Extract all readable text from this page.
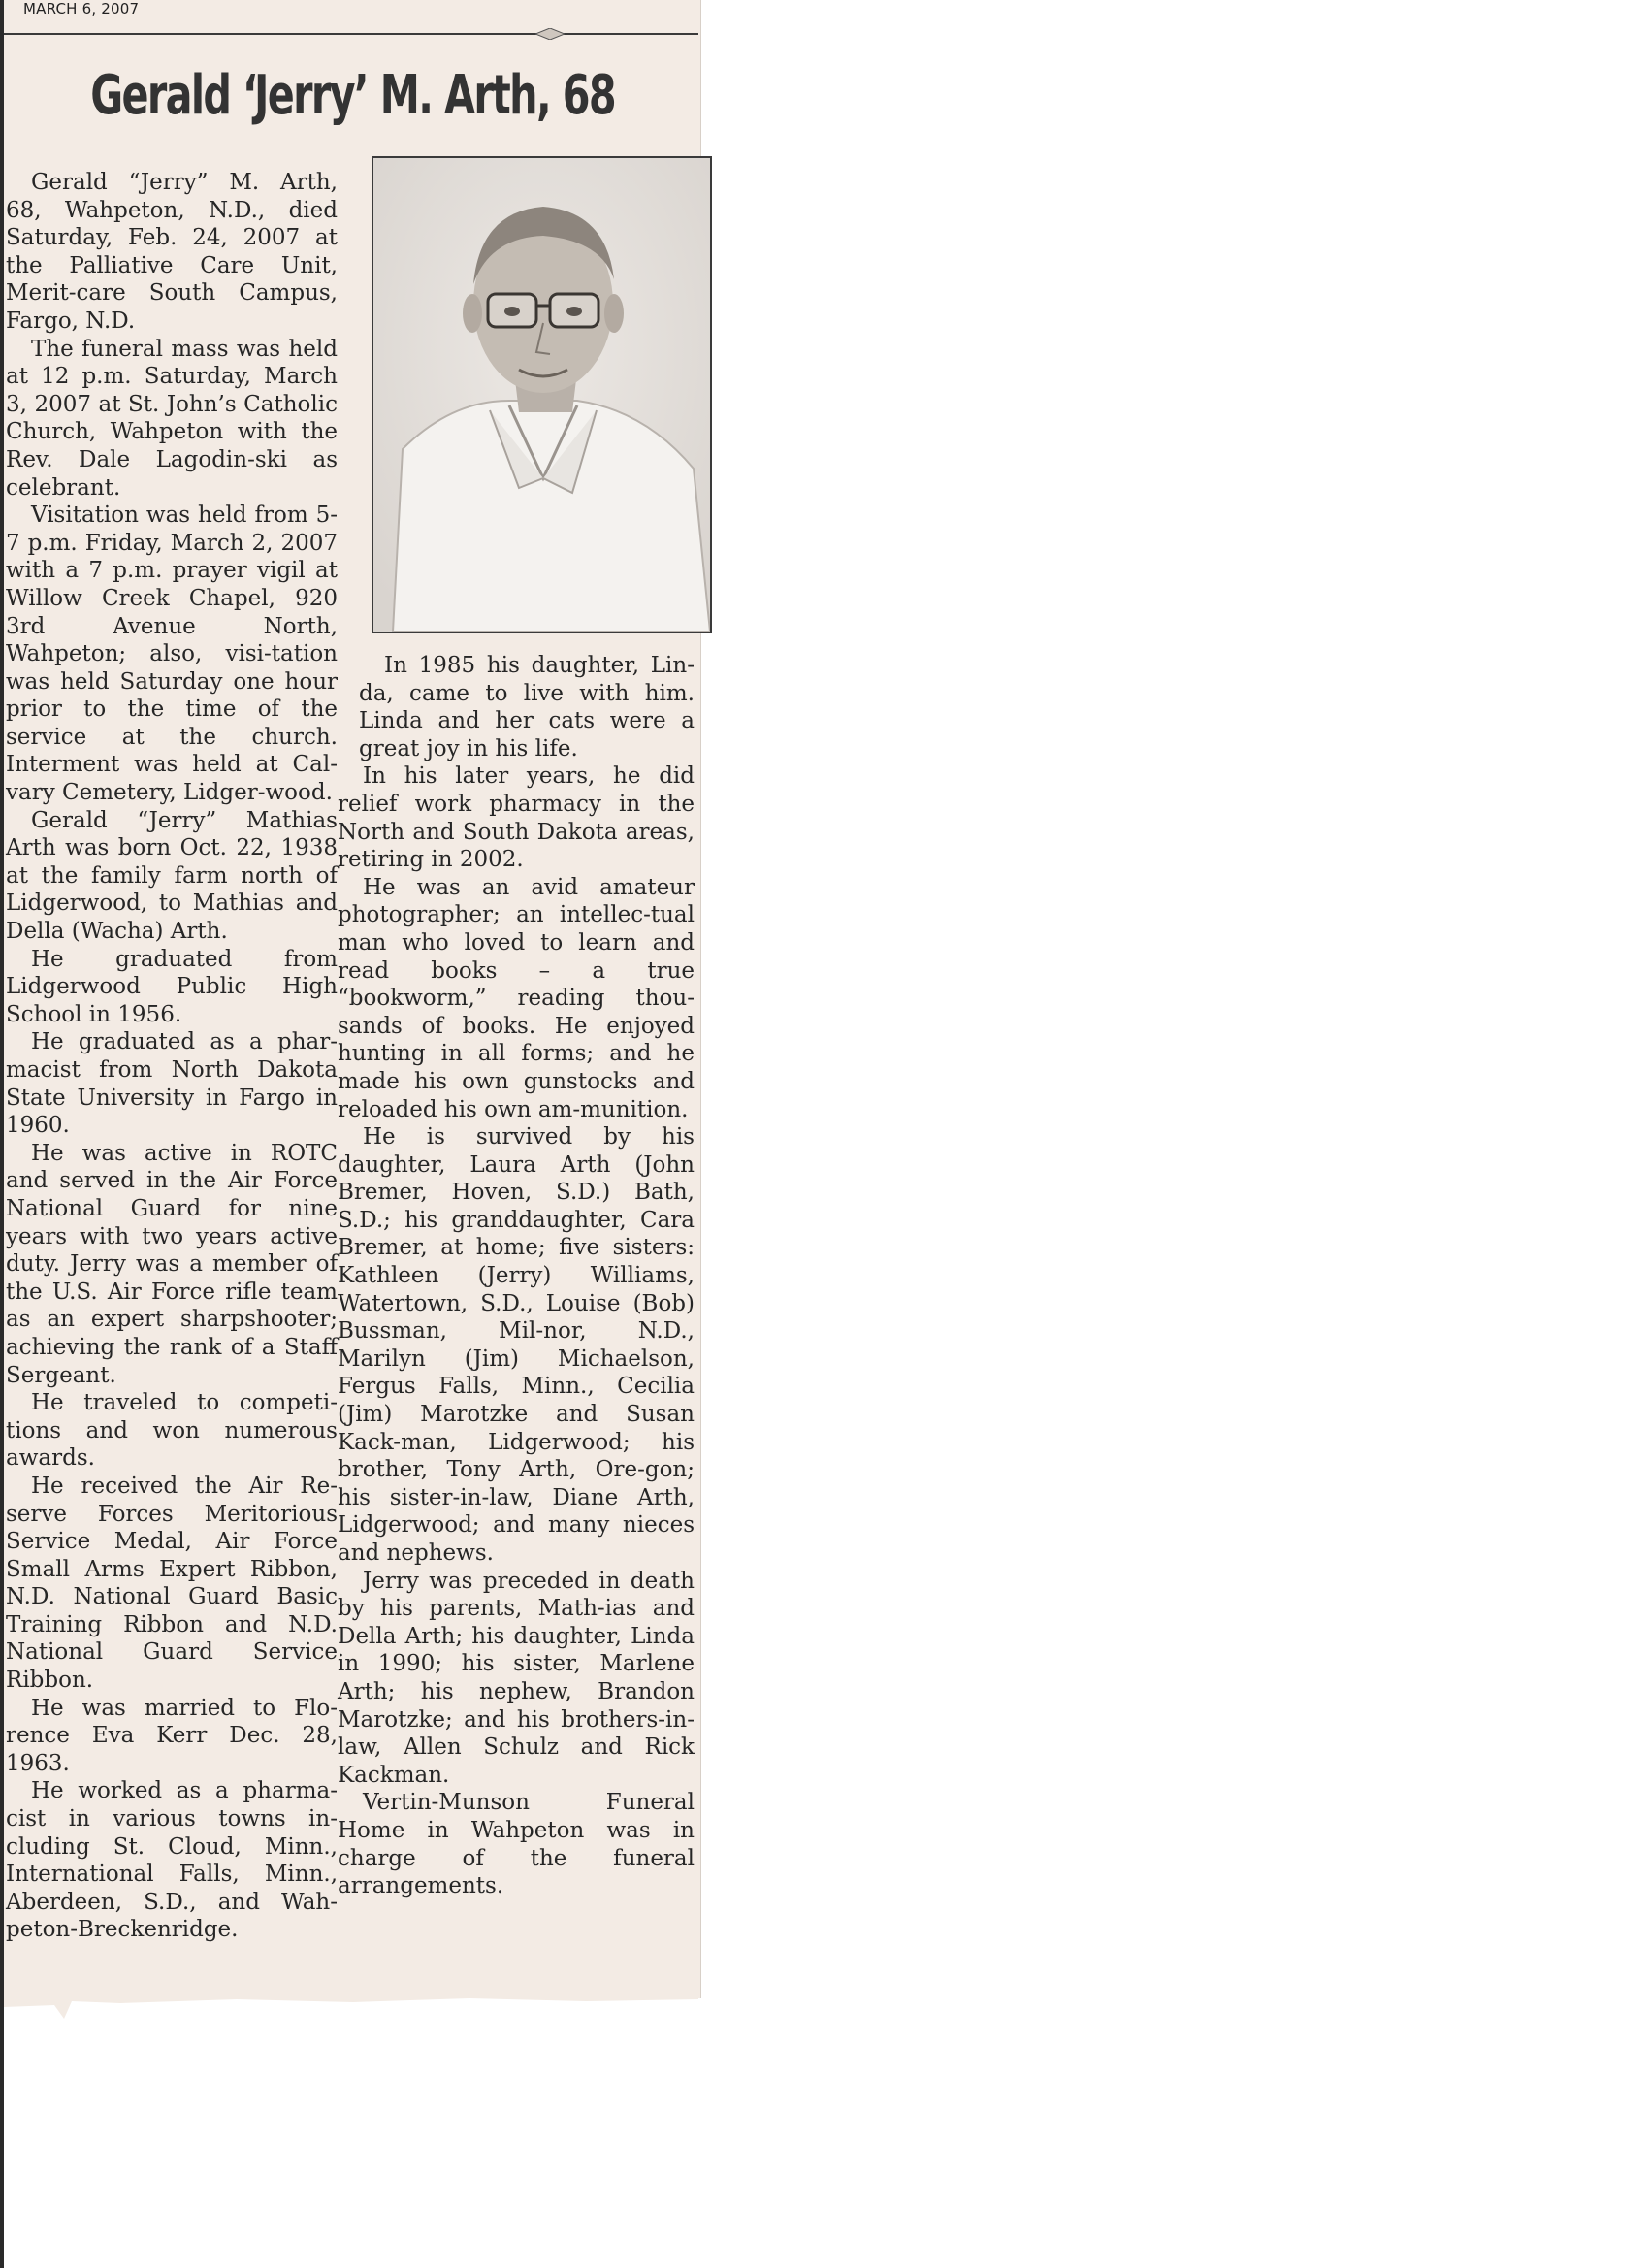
MARCH 6, 2007
Gerald ‘Jerry’ M. Arth, 68

Gerald “Jerry” M. Arth, 68, Wahpeton, N.D., died Saturday, Feb. 24, 2007 at the Palliative Care Unit, Merit-care South Campus, Fargo, N.D.

The funeral mass was held at 12 p.m. Saturday, March 3, 2007 at St. John’s Catholic Church, Wahpeton with the Rev. Dale Lagodin-ski as celebrant.

Visitation was held from 5-7 p.m. Friday, March 2, 2007 with a 7 p.m. prayer vigil at Willow Creek Chapel, 920 3rd Avenue North, Wahpeton; also, visi-tation was held Saturday one hour prior to the time of the service at the church. Interment was held at Cal-vary Cemetery, Lidger-wood.

Gerald “Jerry” Mathias Arth was born Oct. 22, 1938 at the family farm north of Lidgerwood, to Mathias and Della (Wacha) Arth.

He graduated from Lidgerwood Public High School in 1956.

He graduated as a phar-macist from North Dakota State University in Fargo in 1960.

He was active in ROTC and served in the Air Force National Guard for nine years with two years active duty. Jerry was a member of the U.S. Air Force rifle team as an expert sharpshooter; achieving the rank of a Staff Sergeant.

He traveled to competi-tions and won numerous awards.

He received the Air Re-serve Forces Meritorious Service Medal, Air Force Small Arms Expert Ribbon, N.D. National Guard Basic Training Ribbon and N.D. National Guard Service Ribbon.

He was married to Flo-rence Eva Kerr Dec. 28, 1963.

He worked as a pharma-cist in various towns in-cluding St. Cloud, Minn., International Falls, Minn., Aberdeen, S.D., and Wah-peton-Breckenridge.

In 1985 his daughter, Lin-da, came to live with him. Linda and her cats were a great joy in his life.

In his later years, he did relief work pharmacy in the North and South Dakota areas, retiring in 2002.

He was an avid amateur photographer; an intellec-tual man who loved to learn and read books – a true “bookworm,” reading thou-sands of books. He enjoyed hunting in all forms; and he made his own gunstocks and reloaded his own am-munition.

He is survived by his daughter, Laura Arth (John Bremer, Hoven, S.D.) Bath, S.D.; his granddaughter, Cara Bremer, at home; five sisters: Kathleen (Jerry) Williams, Watertown, S.D., Louise (Bob) Bussman, Mil-nor, N.D., Marilyn (Jim) Michaelson, Fergus Falls, Minn., Cecilia (Jim) Marotzke and Susan Kack-man, Lidgerwood; his brother, Tony Arth, Ore-gon; his sister-in-law, Diane Arth, Lidgerwood; and many nieces and nephews.

Jerry was preceded in death by his parents, Math-ias and Della Arth; his daughter, Linda in 1990; his sister, Marlene Arth; his nephew, Brandon Marotzke; and his brothers-in-law, Allen Schulz and Rick Kackman.

Vertin-Munson Funeral Home in Wahpeton was in charge of the funeral arrangements.
